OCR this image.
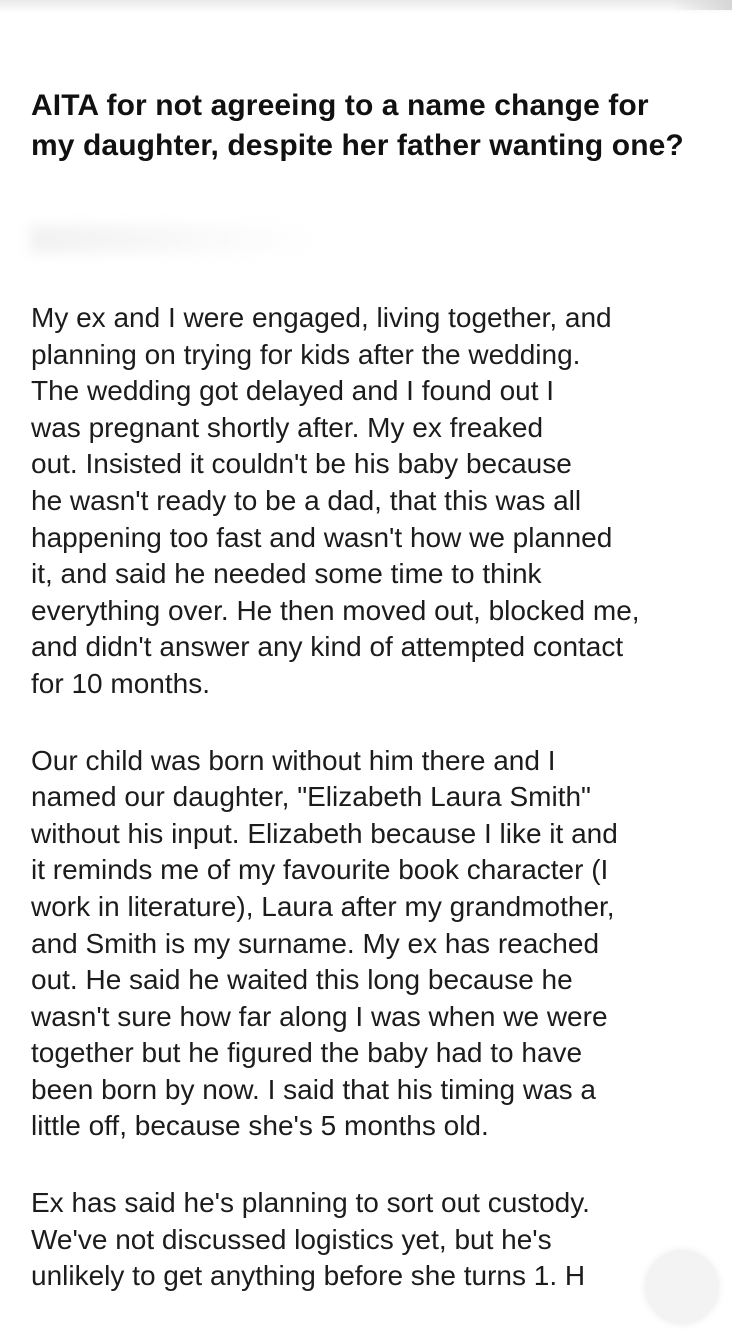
AITA for not agreeing to a name change for my daughter, despite her father wanting one?

My ex and I were engaged, living together, and
planning on trying for kids after the wedding.
The wedding got delayed and I found out I
was pregnant shortly after. My ex freaked
out. Insisted it couldn't be his baby because
he wasn't ready to be a dad, that this was all
happening too fast and wasn't how we planned
it, and said he needed some time to think
everything over. He then moved out, blocked me,
and didn't answer any kind of attempted contact
for 10 months.

Our child was born without him there and I
named our daughter, "Elizabeth Laura Smith"
without his input. Elizabeth because I like it and
it reminds me of my favourite book character (I
work in literature), Laura after my grandmother,
and Smith is my surname. My ex has reached
out. He said he waited this long because he
wasn't sure how far along I was when we were
together but he figured the baby had to have
been born by now. I said that his timing was a
little off, because she's 5 months old.

Ex has said he's planning to sort out custody.
We've not discussed logistics yet, but he's
unlikely to get anything before she turns 1. H
